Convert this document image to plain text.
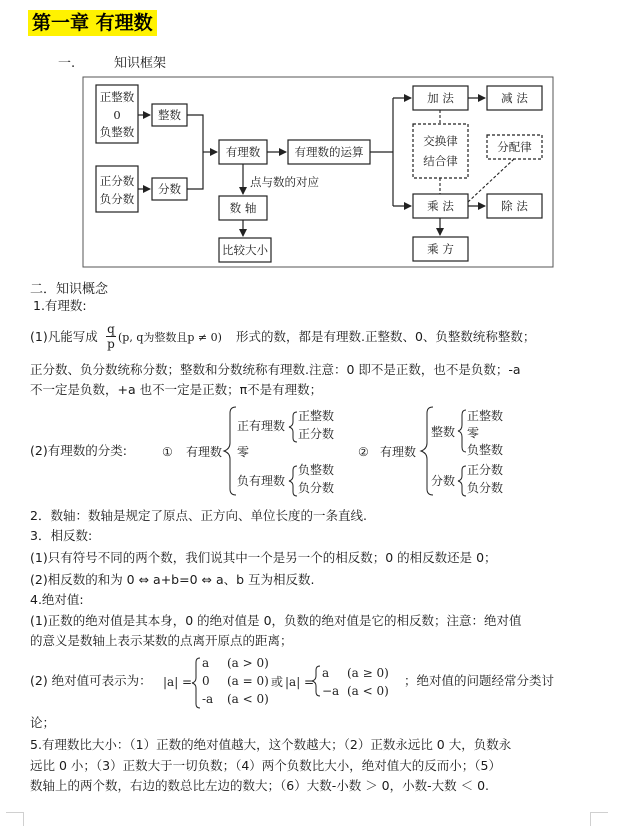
第一章 有理数
一.	知识框架
正整数
0
负整数
整数
正分数
负分数
分数
有理数	有理数的运算
点与数的对应
数 轴
比较大小
加 法	减 法
交换律
结合律
分配律
乘 法	除 法
乘 方
二．知识概念
1.有理数:
(1)凡能写成 $\frac{q}{p} (p$, q为整数且p ≠ 0) 形式的数，都是有理数.正整数、0、负整数统称整数；
正分数、负分数统称分数；整数和分数统称有理数.注意：0 即不是正数，也不是负数；-a
不一定是负数，+a 也不一定是正数；π不是有理数；
(2)有理数的分类:	① 有理数
正有理数
零
负有理数
正整数
正分数
负整数
负分数
② 有理数
整数
分数
正整数
零
负整数
正分数
负分数
2．数轴：数轴是规定了原点、正方向、单位长度的一条直线.
3．相反数:
(1)只有符号不同的两个数，我们说其中一个是另一个的相反数；0 的相反数还是 0；
(2)相反数的和为 0 ⇔ a+b=0 ⇔ a、b 互为相反数.
4.绝对值:
(1)正数的绝对值是其本身，0 的绝对值是 0，负数的绝对值是它的相反数；注意：绝对值
的意义是数轴上表示某数的点离开原点的距离；
(2) 绝对值可表示为： |a| =
a (a > 0)
0 (a = 0)
-a (a < 0)
或 |a| =
a (a ≥ 0)
−a (a < 0)
；绝对值的问题经常分类讨
论；
5.有理数比大小：（1）正数的绝对值越大，这个数越大；（2）正数永远比 0 大，负数永
远比 0 小；（3）正数大于一切负数；（4）两个负数比大小，绝对值大的反而小；（5）
数轴上的两个数，右边的数总比左边的数大；（6）大数-小数 ＞ 0，小数-大数 ＜ 0.
